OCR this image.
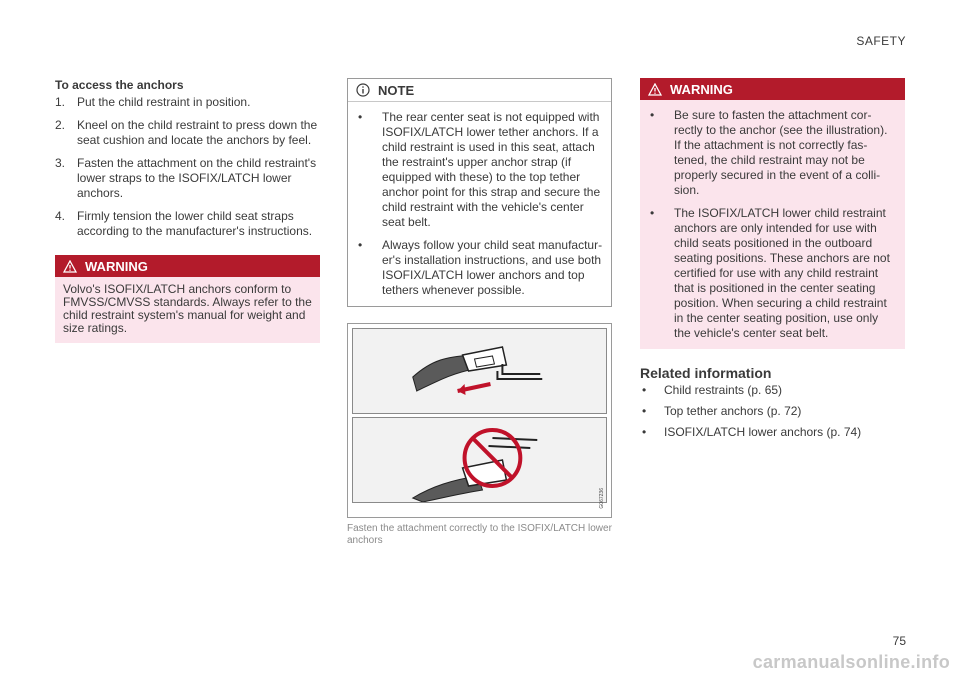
SAFETY
To access the anchors
1. Put the child restraint in position.
2. Kneel on the child restraint to press down the seat cushion and locate the anchors by feel.
3. Fasten the attachment on the child restraint's lower straps to the ISOFIX/LATCH lower anchors.
4. Firmly tension the lower child seat straps according to the manufacturer's instructions.
WARNING
Volvo's ISOFIX/LATCH anchors conform to FMVSS/CMVSS standards. Always refer to the child restraint system's manual for weight and size ratings.
NOTE
•	The rear center seat is not equipped with ISOFIX/LATCH lower tether anchors. If a child restraint is used in this seat, attach the restraint's upper anchor strap (if equipped with these) to the top tether anchor point for this strap and secure the child restraint with the vehicle's center seat belt.
•	Always follow your child seat manufactur-er's installation instructions, and use both ISOFIX/LATCH lower anchors and top tethers whenever possible.
G067236
Fasten the attachment correctly to the ISOFIX/LATCH lower anchors
WARNING
•	Be sure to fasten the attachment cor-rectly to the anchor (see the illustration). If the attachment is not correctly fas-tened, the child restraint may not be properly secured in the event of a colli-sion.
•	The ISOFIX/LATCH lower child restraint anchors are only intended for use with child seats positioned in the outboard seating positions. These anchors are not certified for use with any child restraint that is positioned in the center seating position. When securing a child restraint in the center seating position, use only the vehicle's center seat belt.
Related information
•	Child restraints (p. 65)
•	Top tether anchors (p. 72)
•	ISOFIX/LATCH lower anchors (p. 74)
75
carmanualsonline.info
